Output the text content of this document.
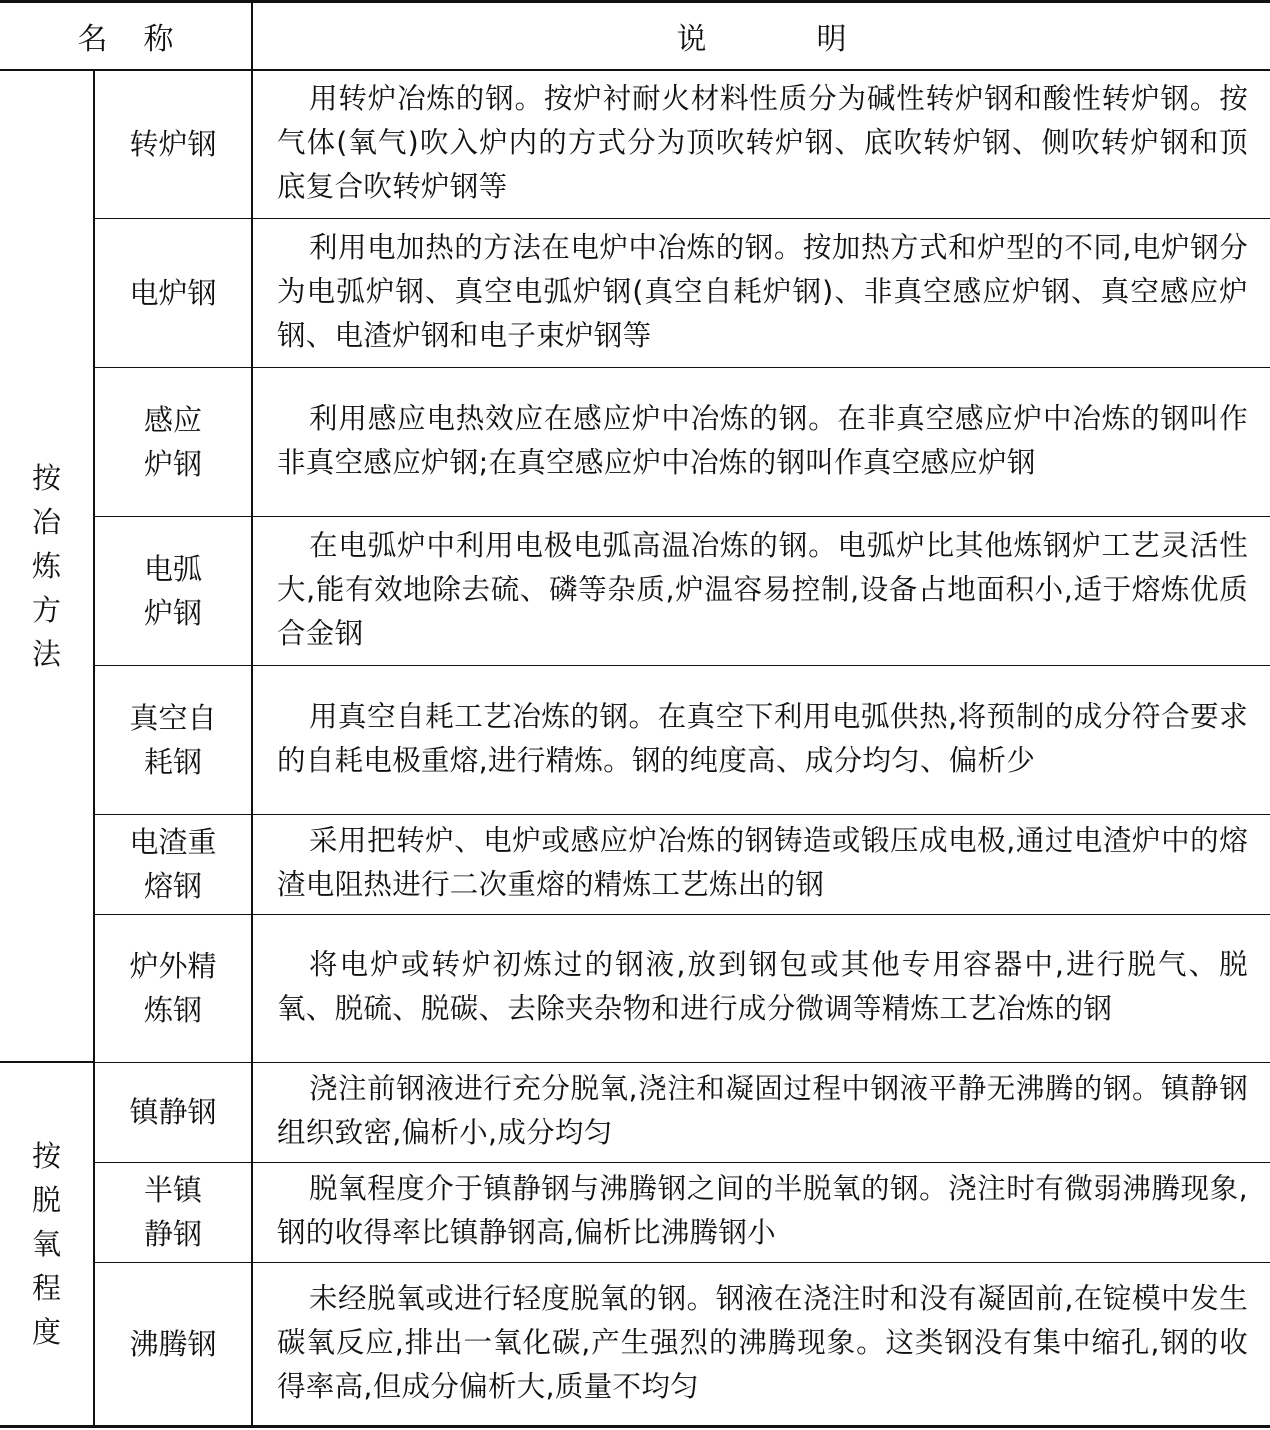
名 称		说 明
按冶炼方法	转炉钢	用转炉冶炼的钢。按炉衬耐火材料性质分为碱性转炉钢和酸性转炉钢。按气体(氧气)吹入炉内的方式分为顶吹转炉钢、底吹转炉钢、侧吹转炉钢和顶底复合吹转炉钢等
	电炉钢	利用电加热的方法在电炉中冶炼的钢。按加热方式和炉型的不同,电炉钢分为电弧炉钢、真空电弧炉钢(真空自耗炉钢)、非真空感应炉钢、真空感应炉钢、电渣炉钢和电子束炉钢等
	感应炉钢	利用感应电热效应在感应炉中冶炼的钢。在非真空感应炉中冶炼的钢叫作非真空感应炉钢;在真空感应炉中冶炼的钢叫作真空感应炉钢
	电弧炉钢	在电弧炉中利用电极电弧高温冶炼的钢。电弧炉比其他炼钢炉工艺灵活性大,能有效地除去硫、磷等杂质,炉温容易控制,设备占地面积小,适于熔炼优质合金钢
	真空自耗钢	用真空自耗工艺冶炼的钢。在真空下利用电弧供热,将预制的成分符合要求的自耗电极重熔,进行精炼。钢的纯度高、成分均匀、偏析少
	电渣重熔钢	采用把转炉、电炉或感应炉冶炼的钢铸造或锻压成电极,通过电渣炉中的熔渣电阻热进行二次重熔的精炼工艺炼出的钢
	炉外精炼钢	将电炉或转炉初炼过的钢液,放到钢包或其他专用容器中,进行脱气、脱氧、脱硫、脱碳、去除夹杂物和进行成分微调等精炼工艺冶炼的钢
按脱氧程度	镇静钢	浇注前钢液进行充分脱氧,浇注和凝固过程中钢液平静无沸腾的钢。镇静钢组织致密,偏析小,成分均匀
	半镇静钢	脱氧程度介于镇静钢与沸腾钢之间的半脱氧的钢。浇注时有微弱沸腾现象,钢的收得率比镇静钢高,偏析比沸腾钢小
	沸腾钢	未经脱氧或进行轻度脱氧的钢。钢液在浇注时和没有凝固前,在锭模中发生碳氧反应,排出一氧化碳,产生强烈的沸腾现象。这类钢没有集中缩孔,钢的收得率高,但成分偏析大,质量不均匀
